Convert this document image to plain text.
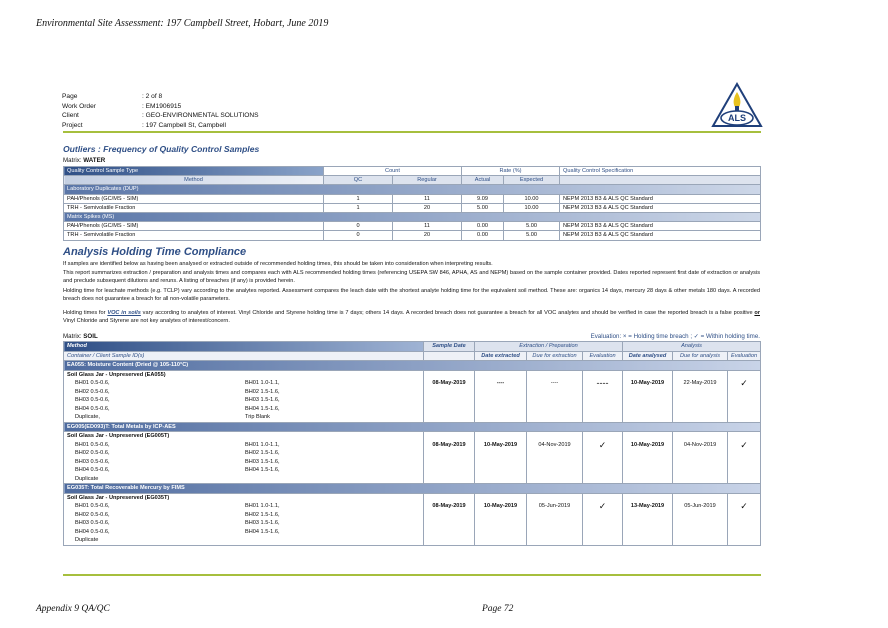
Environmental Site Assessment: 197 Campbell Street, Hobart, June 2019
Page	: 2 of 8
Work Order	: EM1906915
Client	: GEO-ENVIRONMENTAL SOLUTIONS
Project	: 197 Campbell St, Campbell
ALS
Outliers : Frequency of Quality Control Samples
Matrix: WATER
Quality Control Sample Type	Count		Rate (%)		Quality Control Specification
Method	QC	Regular	Actual	Expected	
Laboratory Duplicates (DUP)					
PAH/Phenols (GC/MS - SIM)	1	11	9.09	10.00	NEPM 2013 B3 & ALS QC Standard
TRH - Semivolatile Fraction	1	20	5.00	10.00	NEPM 2013 B3 & ALS QC Standard
Matrix Spikes (MS)					
PAH/Phenols (GC/MS - SIM)	0	11	0.00	5.00	NEPM 2013 B3 & ALS QC Standard
TRH - Semivolatile Fraction	0	20	0.00	5.00	NEPM 2013 B3 & ALS QC Standard
Analysis Holding Time Compliance
If samples are identified below as having been analysed or extracted outside of recommended holding times, this should be taken into consideration when interpreting results.
This report summarizes extraction / preparation and analysis times and compares each with ALS recommended holding times (referencing USEPA SW 846, APHA, AS and NEPM) based on the sample container provided. Dates reported represent first date of extraction or analysis and preclude subsequent dilutions and reruns. A listing of breaches (if any) is provided herein.
Holding time for leachate methods (e.g. TCLP) vary according to the analytes reported. Assessment compares the leach date with the shortest analyte holding time for the equivalent soil method. These are: organics 14 days, mercury 28 days & other metals 180 days. A recorded breach does not guarantee a breach for all non-volatile parameters.
Holding times for VOC in soils vary according to analytes of interest. Vinyl Chloride and Styrene holding time is 7 days; others 14 days. A recorded breach does not guarantee a breach for all VOC analytes and should be verified in case the reported breach is a false positive or Vinyl Chloride and Styrene are not key analytes of interest/concern.
Matrix: SOIL	Evaluation: × = Holding time breach ; ✓ = Within holding time.
Method	Sample Date	Extraction / Preparation			Analysis		
Container / Client Sample ID(s)		Date extracted	Due for extraction	Evaluation	Date analysed	Due for analysis	Evaluation
EA055: Moisture Content (Dried @ 105-110°C)							
Soil Glass Jar - Unpreserved (EA055)							
BH01 0.5-0.6, BH01 1.0-1.1,	08-May-2019	----	----	----	10-May-2019	22-May-2019	✓
BH02 0.5-0.6, BH02 1.5-1.6,							
BH03 0.5-0.6, BH03 1.5-1.6,							
BH04 0.5-0.6, BH04 1.5-1.6,							
Duplicate, Trip Blank							
EG005(ED093)T: Total Metals by ICP-AES							
Soil Glass Jar - Unpreserved (EG005T)							
BH01 0.5-0.6, BH01 1.0-1.1,	08-May-2019	10-May-2019	04-Nov-2019	✓	10-May-2019	04-Nov-2019	✓
BH02 0.5-0.6, BH02 1.5-1.6,							
BH03 0.5-0.6, BH03 1.5-1.6,							
BH04 0.5-0.6, BH04 1.5-1.6,							
Duplicate							
EG035T: Total Recoverable Mercury by FIMS							
Soil Glass Jar - Unpreserved (EG035T)							
BH01 0.5-0.6, BH01 1.0-1.1,	08-May-2019	10-May-2019	05-Jun-2019	✓	13-May-2019	05-Jun-2019	✓
BH02 0.5-0.6, BH02 1.5-1.6,							
BH03 0.5-0.6, BH03 1.5-1.6,							
BH04 0.5-0.6, BH04 1.5-1.6,							
Duplicate							
Appendix 9 QA/QC	Page 72
